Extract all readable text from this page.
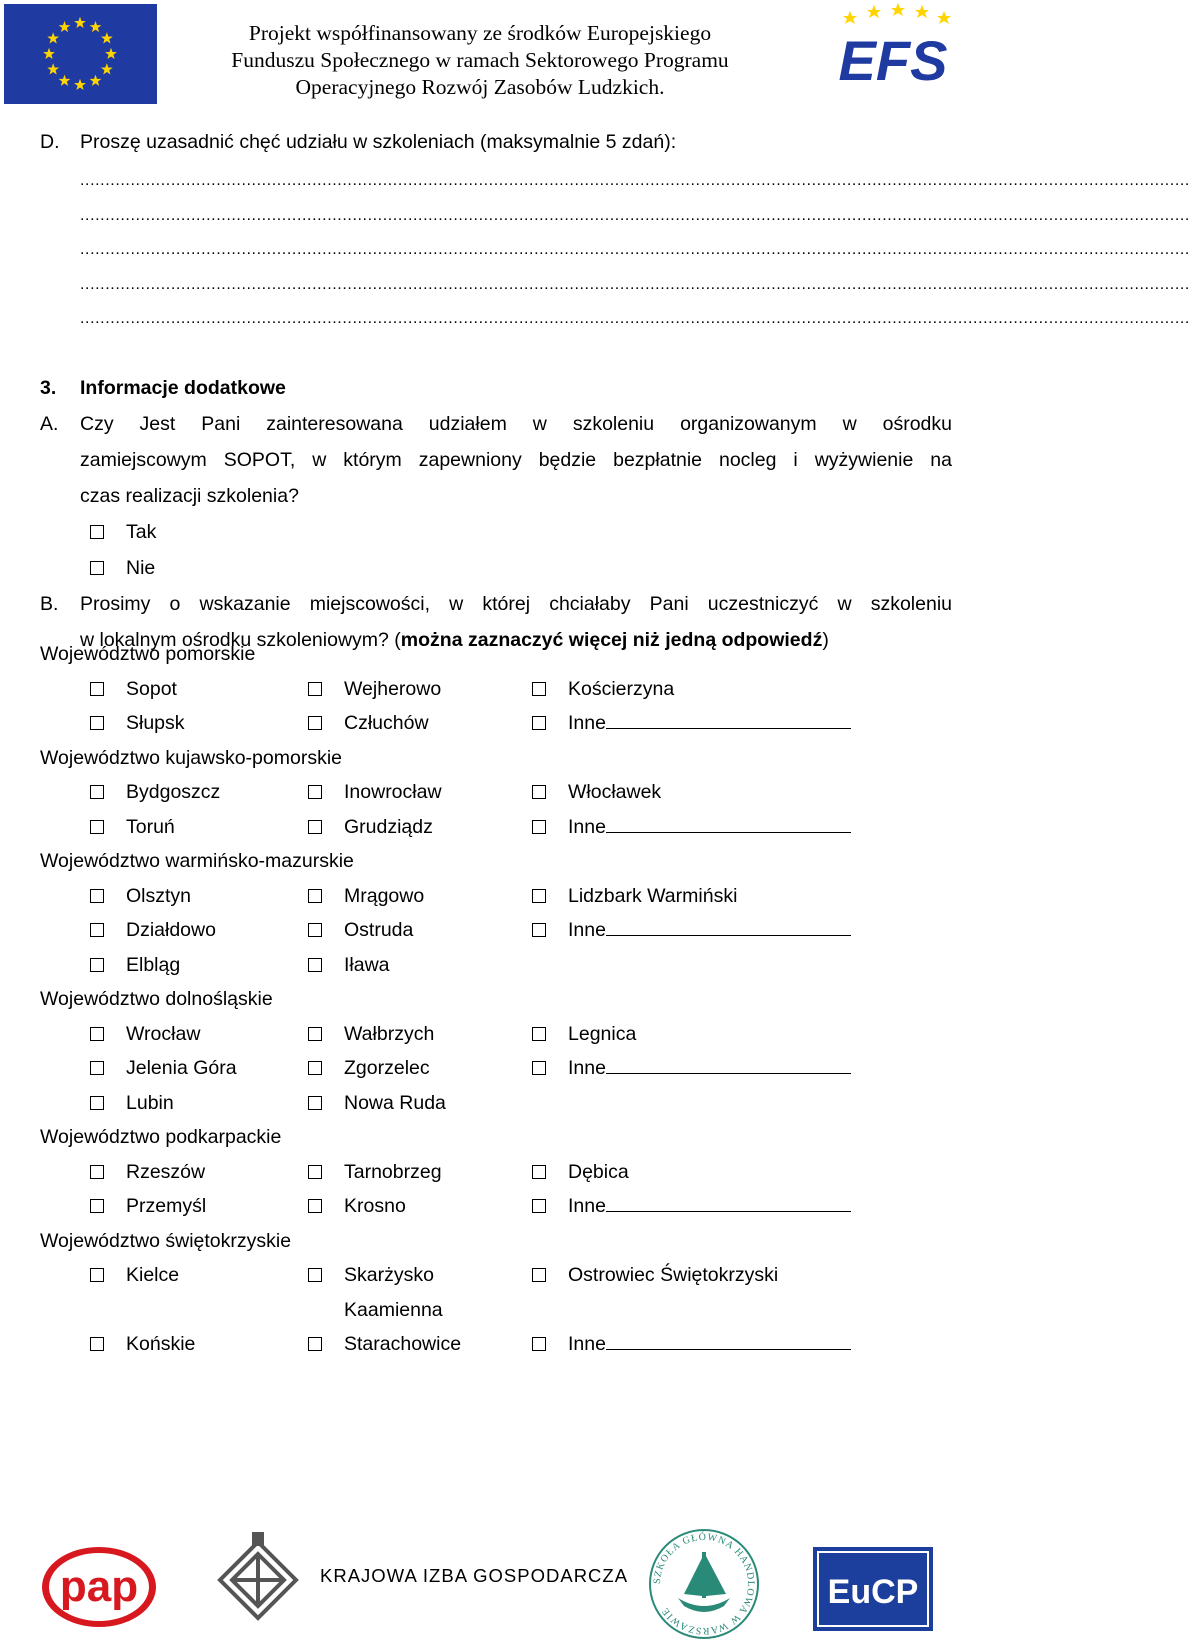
Projekt współfinansowany ze środków Europejskiego
Funduszu Społecznego w ramach Sektorowego Programu
Operacyjnego Rozwój Zasobów Ludzkich.	EFS
D. Proszę uzasadnić chęć udziału w szkoleniach (maksymalnie 5 zdań):
............................................................................................................................................................................................................................
............................................................................................................................................................................................................................
............................................................................................................................................................................................................................
............................................................................................................................................................................................................................
............................................................................................................................................................................................................................
3. Informacje dodatkowe
A. Czy Jest Pani zainteresowana udziałem w szkoleniu organizowanym w ośrodku
zamiejscowym SOPOT, w którym zapewniony będzie bezpłatnie nocleg i wyżywienie na
czas realizacji szkolenia?
Tak
Nie
B. Prosimy o wskazanie miejscowości, w której chciałaby Pani uczestniczyć w szkoleniu
w lokalnym ośrodku szkoleniowym? (można zaznaczyć więcej niż jedną odpowiedź)
Województwo pomorskie
Sopot	Wejherowo	Kościerzyna
Słupsk	Człuchów	Inne
Województwo kujawsko-pomorskie
Bydgoszcz	Inowrocław	Włocławek
Toruń	Grudziądz	Inne
Województwo warmińsko-mazurskie
Olsztyn	Mrągowo	Lidzbark Warmiński
Działdowo	Ostruda	Inne
Elbląg	Iława
Województwo dolnośląskie
Wrocław	Wałbrzych	Legnica
Jelenia Góra	Zgorzelec	Inne
Lubin	Nowa Ruda
Województwo podkarpackie
Rzeszów	Tarnobrzeg	Dębica
Przemyśl	Krosno	Inne
Województwo świętokrzyskie
Kielce	Skarżysko	Ostrowiec Świętokrzyski
Kaamienna
Końskie	Starachowice	Inne
pap	KRAJOWA IZBA GOSPODARCZA SZKOŁA GŁÓWNA HANDLOWA W WARSZAWIE
EuCP
